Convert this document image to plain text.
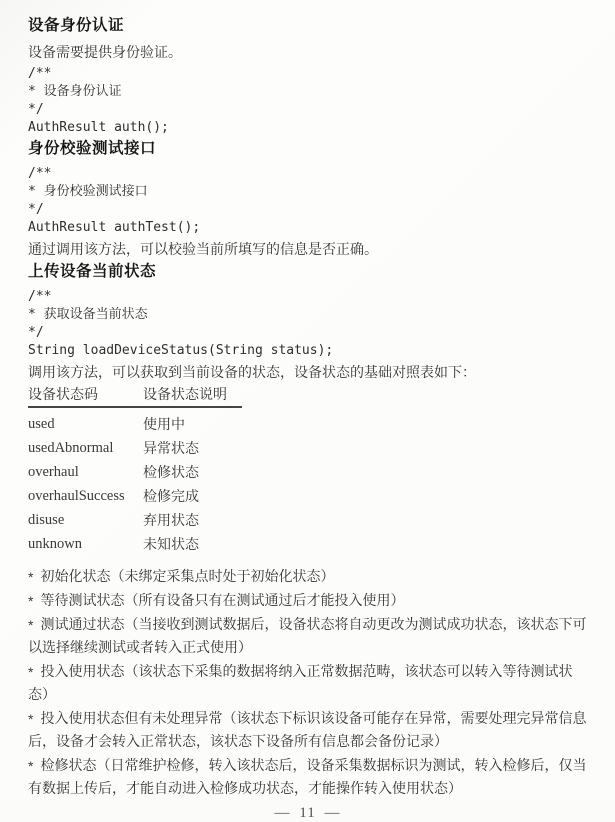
设备身份认证
设备需要提供身份验证。
/**
* 设备身份认证
*/
AuthResult auth();
身份校验测试接口
/**
* 身份校验测试接口
*/
AuthResult authTest();
通过调用该方法，可以校验当前所填写的信息是否正确。
上传设备当前状态
/**
* 获取设备当前状态
*/
String loadDeviceStatus(String status);
调用该方法，可以获取到当前设备的状态，设备状态的基础对照表如下：
设备状态码	设备状态说明
used	使用中
usedAbnormal	异常状态
overhaul	检修状态
overhaulSuccess	检修完成
disuse	弃用状态
unknown	未知状态
* 初始化状态（未绑定采集点时处于初始化状态）
* 等待测试状态（所有设备只有在测试通过后才能投入使用）
* 测试通过状态（当接收到测试数据后，设备状态将自动更改为测试成功状态，该状态下可以选择继续测试或者转入正式使用）
* 投入使用状态（该状态下采集的数据将纳入正常数据范畴，该状态可以转入等待测试状态）
* 投入使用状态但有未处理异常（该状态下标识该设备可能存在异常，需要处理完异常信息后，设备才会转入正常状态，该状态下设备所有信息都会备份记录）
* 检修状态（日常维护检修，转入该状态后，设备采集数据标识为测试，转入检修后，仅当有数据上传后，才能自动进入检修成功状态，才能操作转入使用状态）
— 11 —
